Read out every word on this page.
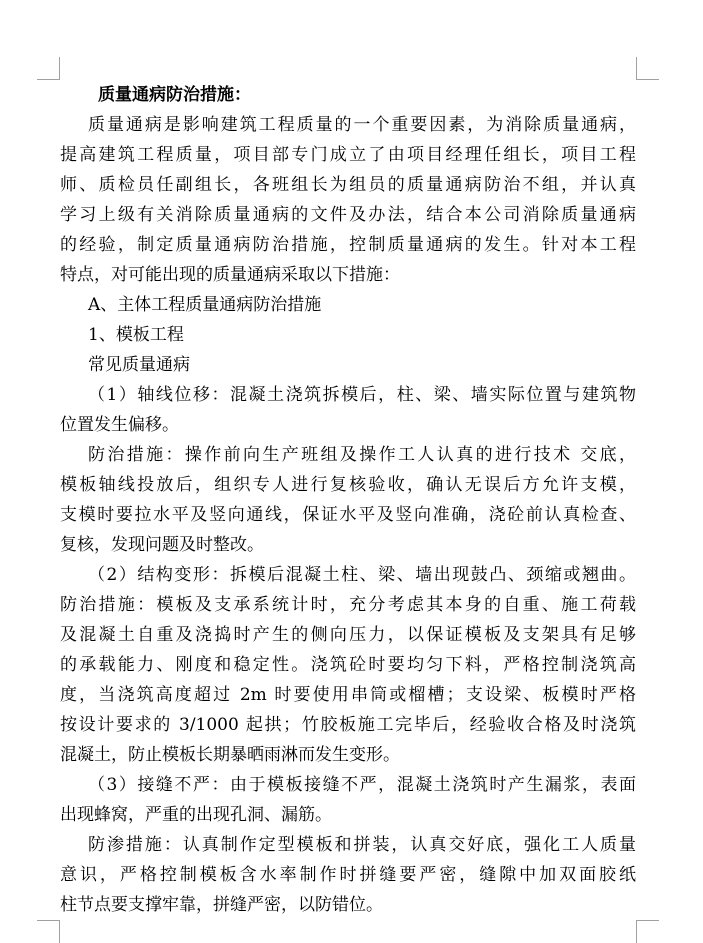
质量通病防治措施：
质量通病是影响建筑工程质量的一个重要因素，为消除质量通病，
提高建筑工程质量，项目部专门成立了由项目经理任组长，项目工程
师、质检员任副组长，各班组长为组员的质量通病防治不组，并认真
学习上级有关消除质量通病的文件及办法，结合本公司消除质量通病
的经验，制定质量通病防治措施，控制质量通病的发生。针对本工程
特点，对可能出现的质量通病采取以下措施：
A、主体工程质量通病防治措施
1、模板工程
常见质量通病
（1）轴线位移：混凝土浇筑拆模后，柱、梁、墙实际位置与建筑物
位置发生偏移。
防治措施：操作前向生产班组及操作工人认真的进行技术 交底，
模板轴线投放后，组织专人进行复核验收，确认无误后方允许支模，
支模时要拉水平及竖向通线，保证水平及竖向准确，浇砼前认真检查、
复核，发现问题及时整改。
（2）结构变形：拆模后混凝土柱、梁、墙出现鼓凸、颈缩或翘曲。
防治措施：模板及支承系统计时，充分考虑其本身的自重、施工荷载
及混凝土自重及浇捣时产生的侧向压力，以保证模板及支架具有足够
的承载能力、刚度和稳定性。浇筑砼时要均匀下料，严格控制浇筑高
度，当浇筑高度超过 2m 时要使用串筒或榴槽；支设梁、板模时严格
按设计要求的 3/1000 起拱；竹胶板施工完毕后，经验收合格及时浇筑
混凝土，防止模板长期暴晒雨淋而发生变形。
（3）接缝不严：由于模板接缝不严，混凝土浇筑时产生漏浆，表面
出现蜂窝，严重的出现孔洞、漏筋。
防渗措施：认真制作定型模板和拼装，认真交好底，强化工人质量
意识，严格控制模板含水率制作时拼缝要严密，缝隙中加双面胶纸
柱节点要支撑牢靠，拼缝严密，以防错位。
